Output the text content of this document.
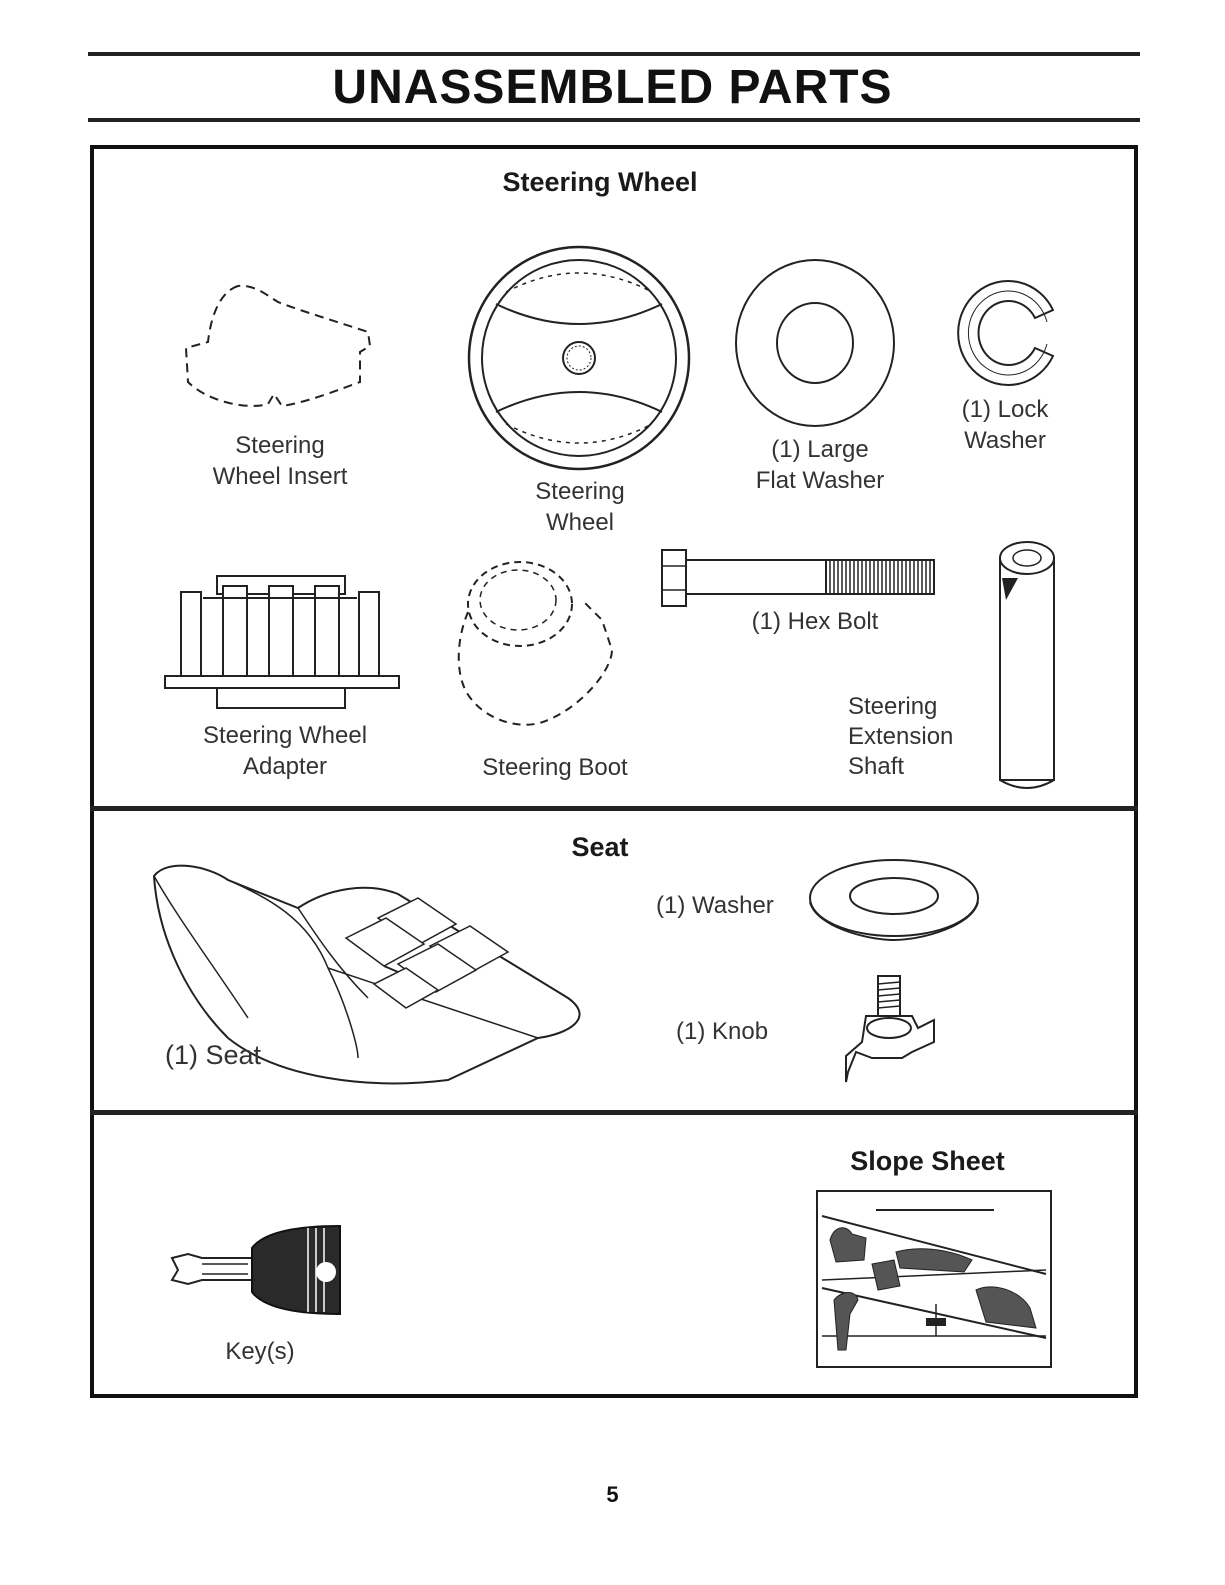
UNASSEMBLED PARTS
Steering Wheel
Steering
Wheel Insert
Steering
Wheel
(1) Large
Flat Washer
(1) Lock
Washer
Steering Wheel
Adapter	Steering Boot
(1) Hex Bolt
Steering
Extension
Shaft
Seat
(1) Seat
(1) Washer
(1) Knob
Key(s)
Slope Sheet
5
